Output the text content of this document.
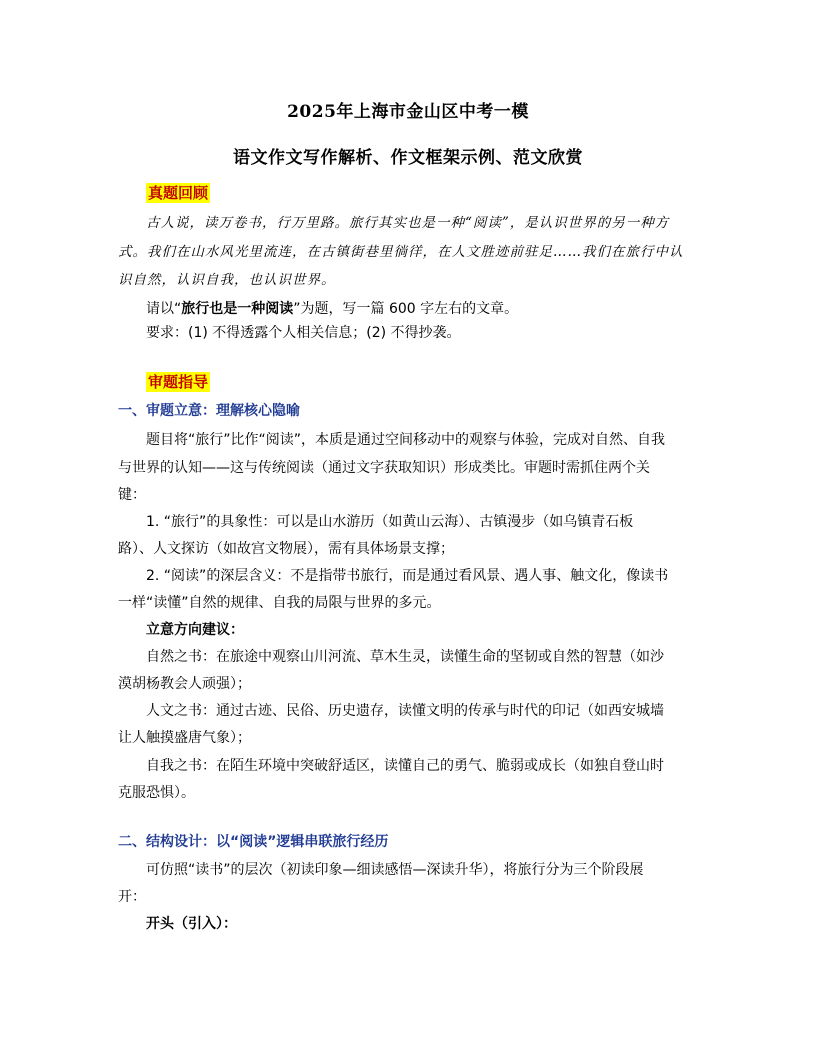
2025年上海市金山区中考一模
语文作文写作解析、作文框架示例、范文欣赏
真题回顾
古人说，读万卷书，行万里路。旅行其实也是一种“阅读”，是认识世界的另一种方
式。我们在山水风光里流连，在古镇街巷里徜徉，在人文胜迹前驻足……我们在旅行中认
识自然，认识自我，也认识世界。
请以“旅行也是一种阅读”为题，写一篇 600 字左右的文章。
要求：(1) 不得透露个人相关信息；(2) 不得抄袭。
审题指导
一、审题立意：理解核心隐喻
题目将“旅行”比作“阅读”，本质是通过空间移动中的观察与体验，完成对自然、自我
与世界的认知——这与传统阅读（通过文字获取知识）形成类比。审题时需抓住两个关
键：
1. “旅行”的具象性：可以是山水游历（如黄山云海）、古镇漫步（如乌镇青石板
路）、人文探访（如故宫文物展），需有具体场景支撑；
2. “阅读”的深层含义：不是指带书旅行，而是通过看风景、遇人事、触文化，像读书
一样“读懂”自然的规律、自我的局限与世界的多元。
立意方向建议：
自然之书：在旅途中观察山川河流、草木生灵，读懂生命的坚韧或自然的智慧（如沙
漠胡杨教会人顽强）；
人文之书：通过古迹、民俗、历史遗存，读懂文明的传承与时代的印记（如西安城墙
让人触摸盛唐气象）；
自我之书：在陌生环境中突破舒适区，读懂自己的勇气、脆弱或成长（如独自登山时
克服恐惧）。
二、结构设计：以“阅读”逻辑串联旅行经历
可仿照“读书”的层次（初读印象—细读感悟—深读升华），将旅行分为三个阶段展
开：
开头（引入）：
